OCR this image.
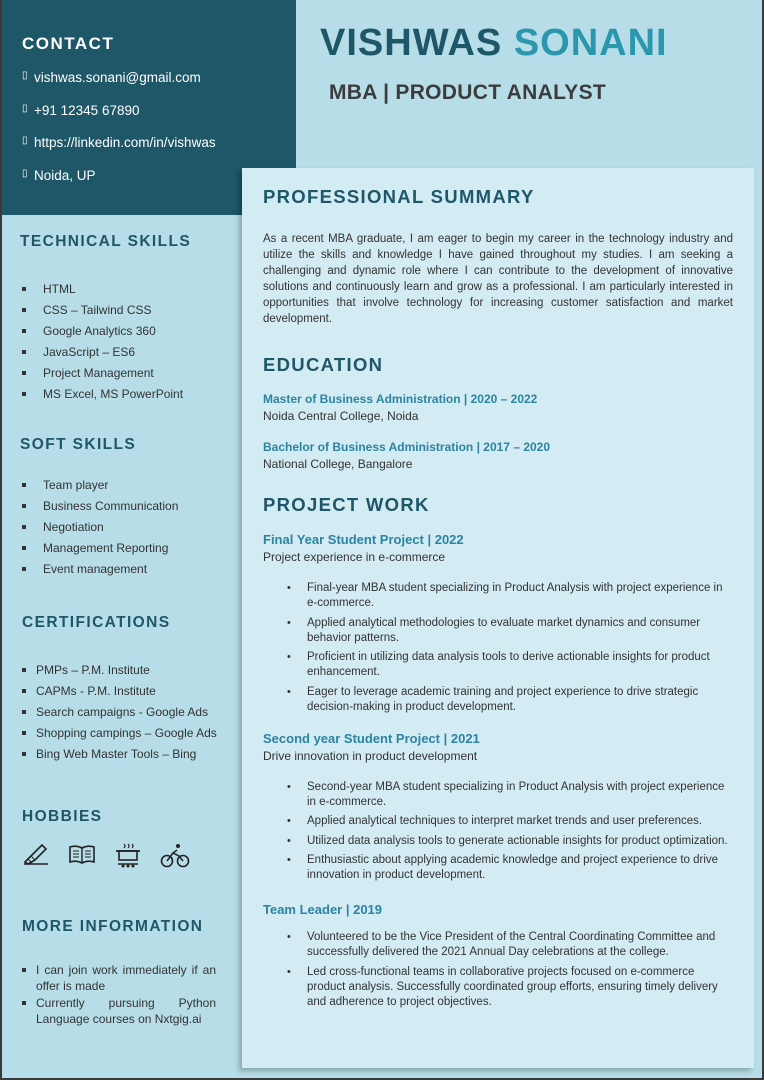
CONTACT
▯ vishwas.sonani@gmail.com
▯ +91 12345 67890
▯ https://linkedin.com/in/vishwas
▯ Noida, UP
VISHWAS SONANI
MBA | PRODUCT ANALYST
TECHNICAL SKILLS
HTML
CSS – Tailwind CSS
Google Analytics 360
JavaScript – ES6
Project Management
MS Excel, MS PowerPoint
SOFT SKILLS
Team player
Business Communication
Negotiation
Management Reporting
Event management
CERTIFICATIONS
PMPs – P.M. Institute
CAPMs - P.M. Institute
Search campaigns - Google Ads
Shopping campings – Google Ads
Bing Web Master Tools – Bing
HOBBIES
MORE INFORMATION
I can join work immediately if an offer is made
Currently pursuing Python Language courses on Nxtgig.ai
PROFESSIONAL SUMMARY

As a recent MBA graduate, I am eager to begin my career in the technology industry and utilize the skills and knowledge I have gained throughout my studies. I am seeking a challenging and dynamic role where I can contribute to the development of innovative solutions and continuously learn and grow as a professional. I am particularly interested in opportunities that involve technology for increasing customer satisfaction and market development.

EDUCATION
Master of Business Administration | 2020 – 2022
Noida Central College, Noida
Bachelor of Business Administration | 2017 – 2020
National College, Bangalore
PROJECT WORK
Final Year Student Project | 2022
Project experience in e-commerce
•	Final-year MBA student specializing in Product Analysis with project experience in e-commerce.
•	Applied analytical methodologies to evaluate market dynamics and consumer behavior patterns.
•	Proficient in utilizing data analysis tools to derive actionable insights for product enhancement.
•	Eager to leverage academic training and project experience to drive strategic decision-making in product development.
Second year Student Project | 2021
Drive innovation in product development
•	Second-year MBA student specializing in Product Analysis with project experience in e-commerce.
•	Applied analytical techniques to interpret market trends and user preferences.
•	Utilized data analysis tools to generate actionable insights for product optimization.
•	Enthusiastic about applying academic knowledge and project experience to drive innovation in product development.
Team Leader | 2019
•	Volunteered to be the Vice President of the Central Coordinating Committee and successfully delivered the 2021 Annual Day celebrations at the college.
•	Led cross-functional teams in collaborative projects focused on e-commerce product analysis. Successfully coordinated group efforts, ensuring timely delivery and adherence to project objectives.
